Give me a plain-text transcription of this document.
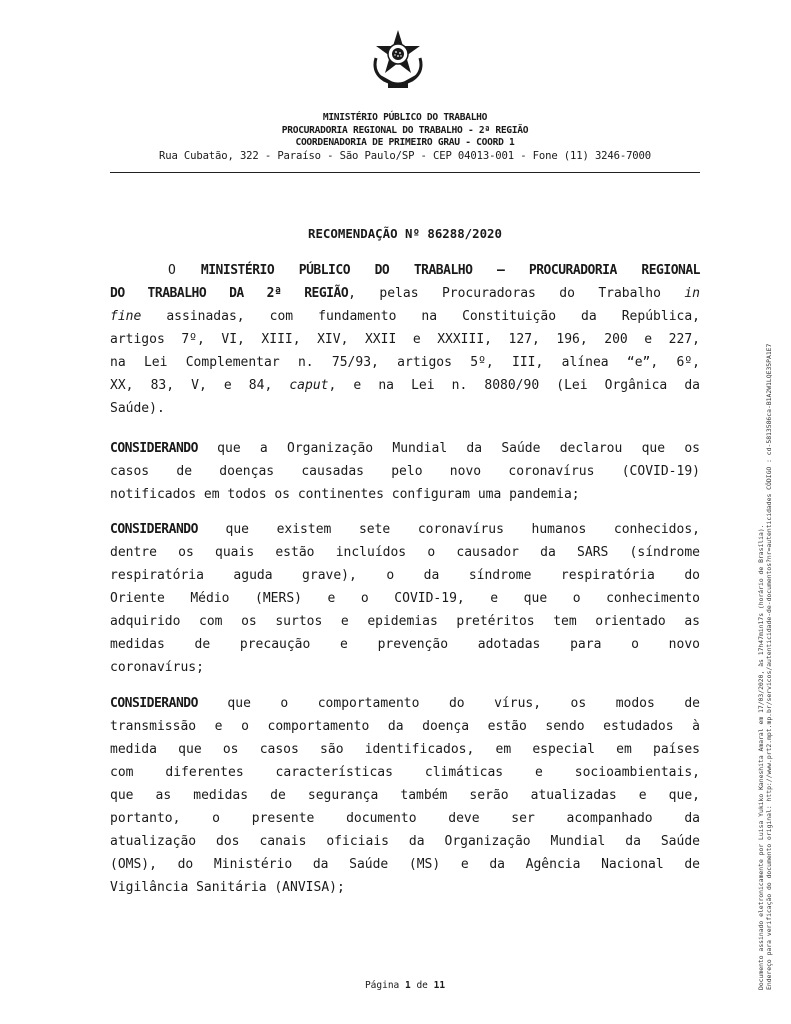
MINISTÉRIO PÚBLICO DO TRABALHO
PROCURADORIA REGIONAL DO TRABALHO - 2ª REGIÃO
COORDENADORIA DE PRIMEIRO GRAU - COORD 1
Rua Cubatão, 322 - Paraíso - São Paulo/SP - CEP 04013-001 - Fone (11) 3246-7000
RECOMENDAÇÃO Nº 86288/2020
O MINISTÉRIO PÚBLICO DO TRABALHO — PROCURADORIA REGIONAL
DO TRABALHO DA 2ª REGIÃO, pelas Procuradoras do Trabalho in
fine assinadas, com fundamento na Constituição da República,
artigos 7º, VI, XIII, XIV, XXII e XXXIII, 127, 196, 200 e 227,
na Lei Complementar n. 75/93, artigos 5º, III, alínea “e”, 6º,
XX, 83, V, e 84, caput, e na Lei n. 8080/90 (Lei Orgânica da
Saúde).
CONSIDERANDO que a Organização Mundial da Saúde declarou que os
casos de doenças causadas pelo novo coronavírus (COVID-19)
notificados em todos os continentes configuram uma pandemia;
CONSIDERANDO que existem sete coronavírus humanos conhecidos,
dentre os quais estão incluídos o causador da SARS (síndrome
respiratória aguda grave), o da síndrome respiratória do
Oriente Médio (MERS) e o COVID-19, e que o conhecimento
adquirido com os surtos e epidemias pretéritos tem orientado as
medidas de precaução e prevenção adotadas para o novo
coronavírus;
CONSIDERANDO que o comportamento do vírus, os modos de
transmissão e o comportamento da doença estão sendo estudados à
medida que os casos são identificados, em especial em países
com diferentes características climáticas e socioambientais,
que as medidas de segurança também serão atualizadas e que,
portanto, o presente documento deve ser acompanhado da
atualização dos canais oficiais da Organização Mundial da Saúde
(OMS), do Ministério da Saúde (MS) e da Agência Nacional de
Vigilância Sanitária (ANVISA);
Página 1 de 11	Documento assinado eletronicamente por Luisa Yukiko Kaneshita Amaral em 17/03/2020, às 17h47min17s (horário de Brasília). Endereço para verificação do documento original: http://www.prt2.mpt.mp.br/servicos/autenticidade-de-documentos?nr=autenticidades CÓDIGO : cd-5813586ca-B1A2W1LQE35PA1E7
